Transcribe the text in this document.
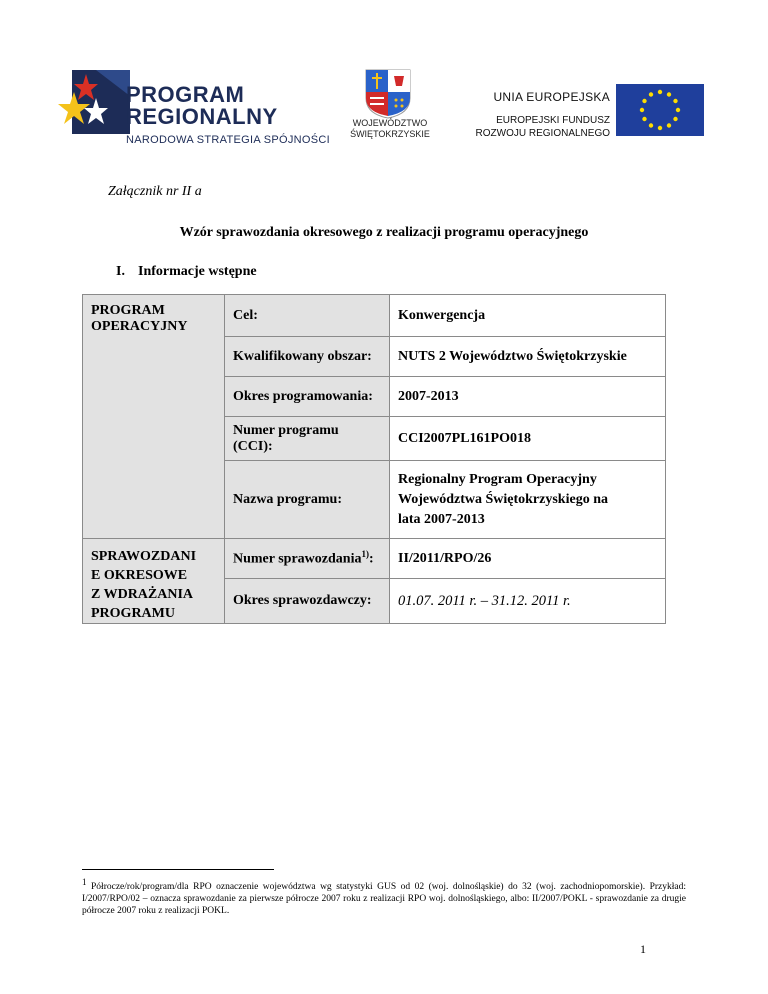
PROGRAM
REGIONALNY
NARODOWA STRATEGIA SPÓJNOŚCI
WOJEWÓDZTWO
ŚWIĘTOKRZYSKIE
UNIA EUROPEJSKA
EUROPEJSKI FUNDUSZ
ROZWOJU REGIONALNEGO
Załącznik nr II a
Wzór sprawozdania okresowego z realizacji programu operacyjnego
I. Informacje wstępne
PROGRAM
OPERACYJNY	Cel:	Konwergencja
	Kwalifikowany obszar:	NUTS 2 Województwo Świętokrzyskie
	Okres programowania:	2007-2013

	Numer programu
(CCI):	CCI2007PL161PO018
	Nazwa programu:	Regionalny Program Operacyjny
Województwa Świętokrzyskiego na
lata 2007-2013

SPRAWOZDANI
E OKRESOWE
Z WDRAŻANIA
PROGRAMU	Numer sprawozdania$^{1)}$:	II/2011/RPO/26
	Okres sprawozdawczy:	01.07. 2011 r. – 31.12. 2011 r.
$^1$ Półrocze/rok/program/dla RPO oznaczenie województwa wg statystyki GUS od 02 (woj. dolnośląskie) do 32 (woj. zachodniopomorskie). Przykład: I/2007/RPO/02 – oznacza sprawozdanie za pierwsze półrocze 2007 roku z realizacji RPO woj. dolnośląskiego, albo: II/2007/POKL - sprawozdanie za drugie półrocze 2007 roku z realizacji POKL.
1
